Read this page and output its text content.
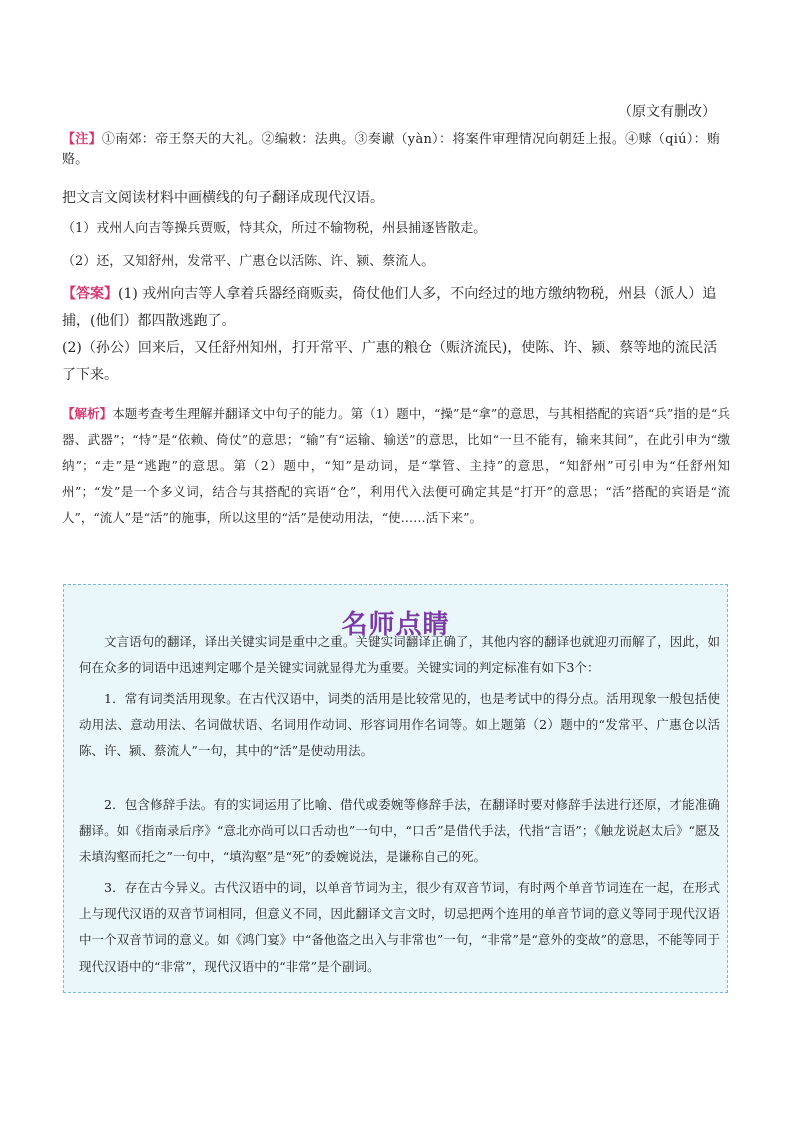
（原文有删改）
【注】①南郊：帝王祭天的大礼。②编敕：法典。③奏谳（yàn）：将案件审理情况向朝廷上报。④赇（qiú）：贿赂。
把文言文阅读材料中画横线的句子翻译成现代汉语。
（1）戎州人向吉等操兵贾贩，恃其众，所过不输物税，州县捕逐皆散走。
（2）还，又知舒州，发常平、广惠仓以活陈、许、颍、蔡流人。

【答案】(1) 戎州向吉等人拿着兵器经商贩卖，倚仗他们人多，不向经过的地方缴纳物税，州县（派人）追捕，(他们）都四散逃跑了。

(2)（孙公）回来后，又任舒州知州，打开常平、广惠的粮仓（赈济流民)，使陈、许、颍、蔡等地的流民活了下来。

【解析】本题考查考生理解并翻译文中句子的能力。第（1）题中，“操”是“拿”的意思，与其相搭配的宾语“兵”指的是“兵器、武器”；“恃”是“依赖、倚仗”的意思；“输”有“运输、输送”的意思，比如“一旦不能有，输来其间”，在此引申为“缴纳”；“走”是“逃跑”的意思。第（2）题中，“知”是动词，是“掌管、主持”的意思，“知舒州”可引申为“任舒州知州”；“发”是一个多义词，结合与其搭配的宾语“仓”，利用代入法便可确定其是“打开”的意思；“活”搭配的宾语是“流人”，“流人”是“活”的施事，所以这里的“活”是使动用法，“使……活下来”。
名师点睛

文言语句的翻译，译出关键实词是重中之重。关键实词翻译正确了，其他内容的翻译也就迎刃而解了，因此，如何在众多的词语中迅速判定哪个是关键实词就显得尤为重要。关键实词的判定标准有如下3个：

1．常有词类活用现象。在古代汉语中，词类的活用是比较常见的，也是考试中的得分点。活用现象一般包括使动用法、意动用法、名词做状语、名词用作动词、形容词用作名词等。如上题第（2）题中的“发常平、广惠仓以活陈、许、颍、蔡流人”一句，其中的“活”是使动用法。

2．包含修辞手法。有的实词运用了比喻、借代或委婉等修辞手法，在翻译时要对修辞手法进行还原，才能准确翻译。如《指南录后序》“意北亦尚可以口舌动也”一句中，“口舌”是借代手法，代指“言语”；《触龙说赵太后》“愿及未填沟壑而托之”一句中，“填沟壑”是“死”的委婉说法，是谦称自己的死。

3．存在古今异义。古代汉语中的词，以单音节词为主，很少有双音节词，有时两个单音节词连在一起，在形式上与现代汉语的双音节词相同，但意义不同，因此翻译文言文时，切忌把两个连用的单音节词的意义等同于现代汉语中一个双音节词的意义。如《鸿门宴》中“备他盗之出入与非常也”一句，“非常”是“意外的变故”的意思，不能等同于现代汉语中的“非常”，现代汉语中的“非常”是个副词。
